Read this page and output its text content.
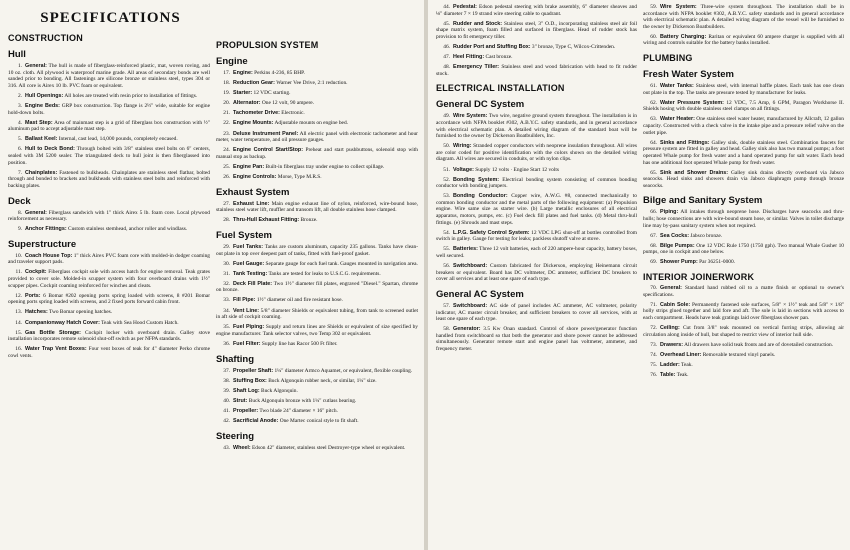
SPECIFICATIONS
CONSTRUCTION
Hull
1. General: The hull is made of fiberglass-reinforced plastic, mat, woven roving, and 10 oz. cloth. All plywood is waterproof marine grade. All areas of secondary bonds are well sanded prior to bonding. All fastenings are silicone bronze or stainless steel, types 304 or 316. All core is Airex 10 lb. PVC foam or equivalent.
2. Hull Openings: All holes are treated with resin prior to installation of fittings.
3. Engine Beds: GRP box construction. Top flange is 2½" wide, suitable for engine hold-down bolts.
4. Mast Step: Area of mainmast step is a grid of fiberglass box construction with ½" aluminum pad to accept adjustable mast step.
5. Ballast Keel: Internal, cast lead, 14,000 pounds, completely encased.
6. Hull to Deck Bond: Through bolted with 3/8" stainless steel bolts on 6" centers, sealed with 3M 5200 sealer. The triangulated deck to hull joint is then fiberglassed into position.
7. Chainplates: Fastened to bulkheads. Chainplates are stainless steel flatbar, bolted through and bonded to brackets and bulkheads with stainless steel bolts and reinforced with backing plates.
Deck
8. General: Fiberglass sandwich with 1" thick Airex 5 lb. foam core. Local plywood reinforcement as necessary.
9. Anchor Fittings: Custom stainless stemhead, anchor roller and windlass.
Superstructure
10. Coach House Top: 1" thick Airex PVC foam core with molded-in dodger coaming and traveler support pads.
11. Cockpit: Fiberglass cockpit sole with access hatch for engine removal. Teak grates provided to cover sole. Molded-in scupper system with four overboard drains with 1½" scupper pipes. Cockpit coaming reinforced for winches and cleats.
12. Ports: 6 Bomar #202 opening ports spring loaded with screens, 8 #201 Bomar opening ports spring loaded with screens, and 2 fixed ports forward cabin front.
13. Hatches: Two Bomar opening hatches.
14. Companionway Hatch Cover: Teak with Sea Hood Custom Hatch.
15. Gas Bottle Storage: Cockpit locker with overboard drain. Galley stove installation incorporates remote solenoid shut-off switch as per NFPA standards.
16. Water Trap Vent Boxes: Four vent boxes of teak for 4" diameter Perko chrome cowl vents.
PROPULSION SYSTEM
Engine
17. Engine: Perkins 4-236, 85 BHP.
18. Reduction Gear: Warner Vee Drive, 2:1 reduction.
19. Starter: 12 VDC starting.
20. Alternator: One 12 volt, 90 ampere.
21. Tachometer Drive: Electronic.
22. Engine Mounts: Adjustable mounts on engine bed.
23. Deluxe Instrument Panel: All electric panel with electronic tachometer and hour meter, water temperature, and oil pressure gauges.
24. Engine Control Start/Stop: Preheat and start pushbuttons, solenoid stop with manual stop as backup.
25. Engine Pan: Built-in fiberglass tray under engine to collect spillage.
26. Engine Controls: Morse, Type M.R.S.
Exhaust System
27. Exhaust Line: Main engine exhaust line of nylon, reinforced, wire-bound hose, stainless steel water lift, muffler and transom lift, all double stainless hose clamped.
28. Thru-Hull Exhaust Fitting: Bronze.
Fuel System
29. Fuel Tanks: Tanks are custom aluminum, capacity 235 gallons. Tanks have clean-out plate in top over deepest part of tanks, fitted with fuel-proof gasket.
30. Fuel Gauge: Separate gauge for each fuel tank. Gauges mounted in navigation area.
31. Tank Testing: Tanks are tested for leaks to U.S.C.G. requirements.
32. Deck Fill Plate: Two 1½" diameter fill plates, engraved "Diesel." Spartan, chrome on bronze.
33. Fill Pipe: 1½" diameter oil and fire resistant hose.
34. Vent Line: 5/8" diameter Shields or equivalent tubing, from tank to screened outlet in aft side of cockpit coaming.
35. Fuel Piping: Supply and return lines are Shields or equivalent of size specified by engine manufacturer. Tank selector valves, two Temp 302 or equivalent.
36. Fuel Filter: Supply line has Racor 500 Ft filter.
Shafting
37. Propeller Shaft: 1¼" diameter Armco Aquamet, or equivalent, flexible coupling.
38. Stuffing Box: Buck Algonquin rubber neck, or similar, 1¼" size.
39. Shaft Log: Buck Algonquin.
40. Strut: Buck Algonquin bronze with 1¼" cutlass bearing.
41. Propeller: Two blade 24" diameter × 16" pitch.
42. Sacrificial Anode: One Martec conical style to fit shaft.
Steering
43. Wheel: Edson 42" diameter, stainless steel Destroyer-type wheel or equivalent.
44. Pedestal: Edson pedestal steering with brake assembly, 6" diameter sheaves and ⅛" diameter 7 × 19 strand wire steering cable to quadrant.
45. Rudder and Stock: Stainless steel, 3" O.D., incorporating stainless steel air foil shape matrix system, foam filled and surfaced in fiberglass. Head of rudder stock has provision to fit emergency tiller.
46. Rudder Port and Stuffing Box: 3" bronze, Type C, Wilcox-Crittenden.
47. Heel Fitting: Cast bronze.
48. Emergency Tiller: Stainless steel and wood fabrication with head to fit rudder stock.
ELECTRICAL INSTALLATION
General DC System
49. Wire System: Two wire, negative ground system throughout. The installation is in accordance with NFPA booklet #302, A.B.Y.C. safety standards, and in general accordance with electrical schematic plan. A detailed wiring diagram of the standard boat will be furnished to the owner by Dickerson Boatbuilders, Inc.
50. Wiring: Stranded copper conductors with neoprene insulation throughout. All wires are color coded for positive identification with the colors shown on the detailed wiring diagram. All wires are secured in conduits, or with nylon clips.
51. Voltage: Supply 12 volts · Engine Start 12 volts
52. Bonding System: Electrical bonding system consisting of common bonding conductor with bonding jumpers.
53. Bonding Conductor: Copper wire, A.W.G. #8, connected mechanically to common bonding conductor and the metal parts of the following equipment: (a) Propulsion engine. Wire same size as starter wire. (b) Large metallic enclosures of all electrical apparatus, motors, pumps, etc. (c) Fuel deck fill plates and fuel tanks. (d) Metal thru-hull fittings. (e) Shrouds and mast steps.
54. L.P.G. Safety Control System: 12 VDC LPG shut-off at bottles controlled from switch in galley. Gauge for testing for leaks; packless shutoff valve at stove.
55. Batteries: Three 12 volt batteries, each of 220 ampere-hour capacity, battery boxes, well secured.
56. Switchboard: Custom fabricated for Dickerson, employing Heinemann circuit breakers or equivalent. Board has DC voltmeter, DC ammeter, sufficient DC breakers to cover all services and at least one spare of each type.
General AC System
57. Switchboard: AC side of panel includes AC ammeter, AC voltmeter, polarity indicator, AC master circuit breaker, and sufficient breakers to cover all services, with at least one spare of each type.
58. Generator: 3.5 Kw Onan standard. Control of shore power/generator function handled from switchboard so that both the generator and shore power cannot be addressed simultaneously. Generator remote start and engine panel has voltmeter, ammeter, and frequency meter.
59. Wire System: Three-wire system throughout. The installation shall be in accordance with NFPA booklet #302, A.B.Y.C. safety standards and in general accordance with electrical schematic plan. A detailed wiring diagram of the vessel will be furnished to the owner by Dickerson Boatbuilders.
60. Battery Charging: Raritan or equivalent 60 ampere charger is supplied with all wiring and controls suitable for the battery banks installed.
PLUMBING
Fresh Water System
61. Water Tanks: Stainless steel, with internal baffle plates. Each tank has one clean out plate in the top. The tanks are pressure tested by manufacturer for leaks.
62. Water Pressure System: 12 VDC, 7.5 Amp, 6 GPM, Paragon Workhorse II. Shields hosing with double stainless steel clamps on all fittings.
63. Water Heater: One stainless steel water heater, manufactured by Allcraft, 12 gallon capacity. Constructed with a check valve in the intake pipe and a pressure relief valve on the outlet pipe.
64. Sinks and Fittings: Galley sink, double stainless steel. Combination faucets for pressure system are fitted in galley and head. Galley sink also has two manual pumps; a foot operated Whale pump for fresh water and a hand operated pump for salt water. Each head has one additional foot operated Whale pump for fresh water.
65. Sink and Shower Drains: Galley sink drains directly overboard via Jabsco seacocks. Head sinks and showers drain via Jabsco diaphragm pump through bronze seacocks.
Bilge and Sanitary System
66. Piping: All intakes through neoprene hose. Discharges have seacocks and thru-hulls; hose connections are with wire-bound steam hose, or similar. Valves in toilet discharge line may by-pass sanitary system when not required.
67. Sea Cocks: Jabsco bronze.
68. Bilge Pumps: One 12 VDC Rule 1750 (1750 gph). Two manual Whale Gusher 10 pumps, one in cockpit and one below.
69. Shower Pump: Par 36251-0000.
INTERIOR JOINERWORK
70. General: Standard hand rubbed oil to a matte finish or optional to owner's specifications.
71. Cabin Sole: Permanently fastened sole surfaces, 5/8" × 1½" teak and 5/8" × 1/8" holly strips glued together and laid fore and aft. The sole is laid in sections with access to each compartment. Heads have teak gratings laid over fiberglass shower pan.
72. Ceiling: Cut from 3/8" teak mounted on vertical furring strips, allowing air circulation along inside of hull, but shaped to restrict view of interior hull side.
73. Drawers: All drawers have solid teak fronts and are of dovetailed construction.
74. Overhead Liner: Removable textured vinyl panels.
75. Ladder: Teak.
76. Table: Teak.
